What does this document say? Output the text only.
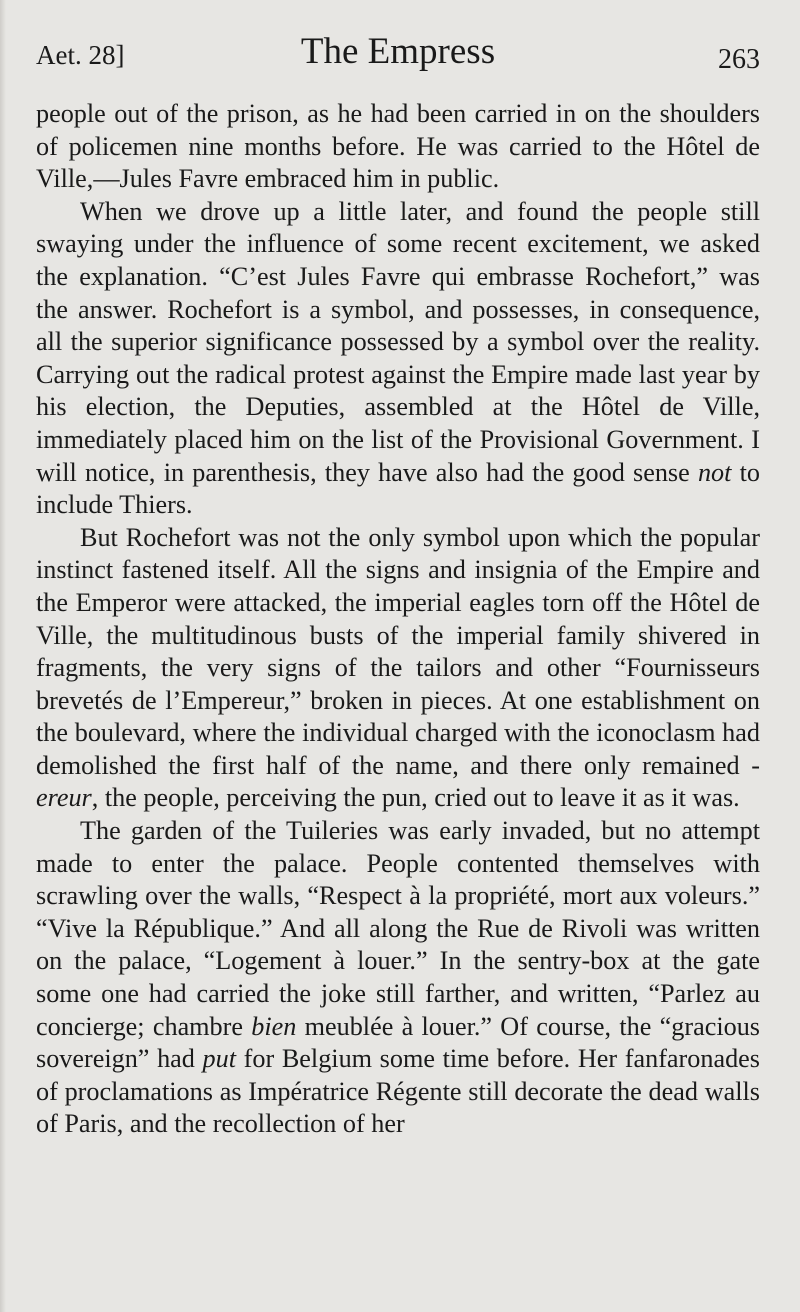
Aet. 28]	The Empress	263

people out of the prison, as he had been carried in on the shoulders of policemen nine months before. He was carried to the Hôtel de Ville,—Jules Favre embraced him in public.

When we drove up a little later, and found the people still swaying under the influence of some recent excitement, we asked the explanation. “C’est Jules Favre qui embrasse Rochefort,” was the answer. Rochefort is a symbol, and possesses, in consequence, all the superior significance possessed by a symbol over the reality. Carrying out the radical protest against the Empire made last year by his election, the Deputies, assembled at the Hôtel de Ville, immediately placed him on the list of the Provisional Government. I will notice, in parenthesis, they have also had the good sense not to include Thiers.

But Rochefort was not the only symbol upon which the popular instinct fastened itself. All the signs and insignia of the Empire and the Emperor were attacked, the imperial eagles torn off the Hôtel de Ville, the multitudinous busts of the imperial family shivered in fragments, the very signs of the tailors and other “Fournisseurs brevetés de l’Empereur,” broken in pieces. At one establishment on the boulevard, where the individual charged with the iconoclasm had demolished the first half of the name, and there only remained -ereur, the people, perceiving the pun, cried out to leave it as it was.

The garden of the Tuileries was early invaded, but no attempt made to enter the palace. People contented themselves with scrawling over the walls, “Respect à la propriété, mort aux voleurs.” “Vive la République.” And all along the Rue de Rivoli was written on the palace, “Logement à louer.” In the sentry-box at the gate some one had carried the joke still farther, and written, “Parlez au concierge; chambre bien meublée à louer.” Of course, the “gracious sovereign” had put for Belgium some time before. Her fanfaronades of proclamations as Impératrice Régente still decorate the dead walls of Paris, and the recollection of her
